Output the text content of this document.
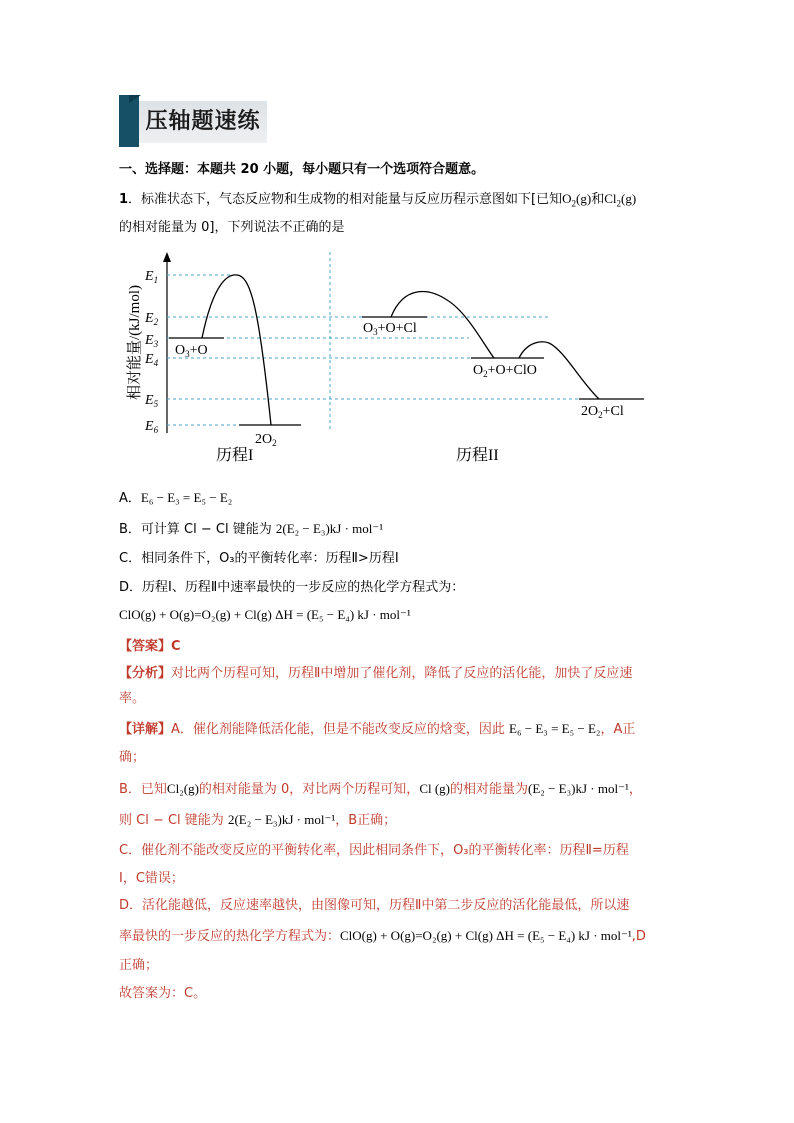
压轴题速练
一、选择题：本题共 20 小题，每小题只有一个选项符合题意。
1．标准状态下，气态反应物和生成物的相对能量与反应历程示意图如下[已知$O_2(g)$和$Cl_2(g)$
的相对能量为 0]，下列说法不正确的是
相对能量/(kJ/mol)
$E_1$
$E_2$
$E_3$
$E_4$
$E_5$
$E_6$
$O_3+O$
$2O_2$
$O_3+O+Cl$
$O_2+O+ClO$
$2O_2+Cl$
历程I	历程II
A．E₆ − E₃ = E₅ − E₂
B．可计算 Cl − Cl 键能为 2(E₂ − E₃)kJ · mol⁻¹
C．相同条件下，O₃的平衡转化率：历程Ⅱ>历程Ⅰ
D．历程Ⅰ、历程Ⅱ中速率最快的一步反应的热化学方程式为：
ClO(g) + O(g)=O₂(g) + Cl(g) ΔH = (E₅ − E₄) kJ · mol⁻¹
【答案】C
【分析】对比两个历程可知，历程Ⅱ中增加了催化剂，降低了反应的活化能，加快了反应速
率。
【详解】A．催化剂能降低活化能，但是不能改变反应的焓变，因此 E₆ − E₃ = E₅ − E₂，A正
确；
B．已知Cl₂(g)的相对能量为 0，对比两个历程可知，Cl (g)的相对能量为(E₂ − E₃)kJ · mol⁻¹，
则 Cl − Cl 键能为 2(E₂ − E₃)kJ · mol⁻¹，B正确；
C．催化剂不能改变反应的平衡转化率，因此相同条件下，O₃的平衡转化率：历程Ⅱ=历程
Ⅰ，C错误；
D．活化能越低，反应速率越快，由图像可知，历程Ⅱ中第二步反应的活化能最低，所以速
率最快的一步反应的热化学方程式为：ClO(g) + O(g)=O₂(g) + Cl(g) ΔH = (E₅ − E₄) kJ · mol⁻¹,D
正确；
故答案为：C。
